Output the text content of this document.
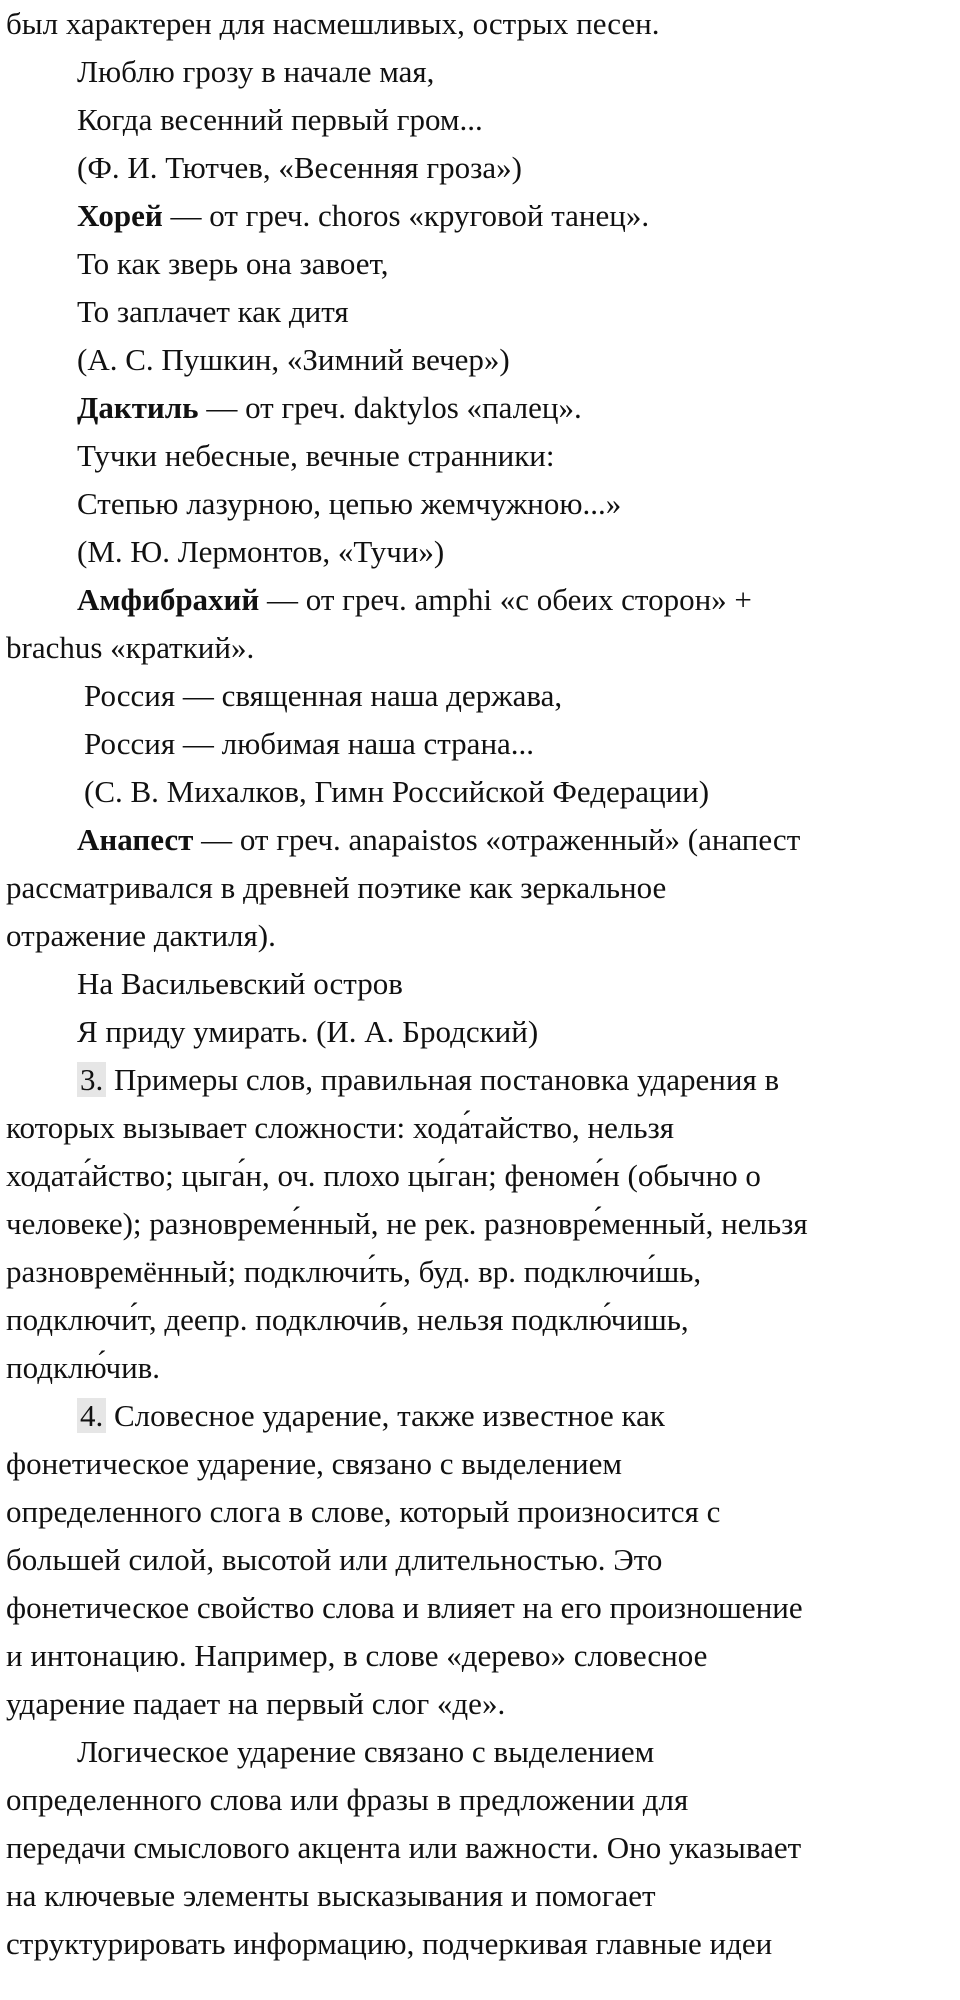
был характерен для насмешливых, острых песен.
Люблю грозу в начале мая,
Когда весенний первый гром...
(Ф. И. Тютчев, «Весенняя гроза»)
Хорей — от греч. choros «круговой танец».
То как зверь она завоет,
То заплачет как дитя
(А. С. Пушкин, «Зимний вечер»)
Дактиль — от греч. daktylos «палец».
Тучки небесные, вечные странники:
Степью лазурною, цепью жемчужною...»
(М. Ю. Лермонтов, «Тучи»)
Амфибрахий — от греч. amphi «с обеих сторон» +
brachus «краткий».
Россия — священная наша держава,
Россия — любимая наша страна...
(С. В. Михалков, Гимн Российской Федерации)
Анапест — от греч. anapaistos «отраженный» (анапест
рассматривался в древней поэтике как зеркальное
отражение дактиля).
На Васильевский остров
Я приду умирать. (И. А. Бродский)
3. Примеры слов, правильная постановка ударения в
которых вызывает сложности: хода́тайство, нельзя
ходата́йство; цыга́н, оч. плохо цы́ган; феноме́н (обычно о
человеке); разновреме́нный, не рек. разновре́менный, нельзя
разновремённый; подключи́ть, буд. вр. подключи́шь,
подключи́т, деепр. подключи́в, нельзя подклю́чишь,
подклю́чив.
4. Словесное ударение, также известное как
фонетическое ударение, связано с выделением
определенного слога в слове, который произносится с
большей силой, высотой или длительностью. Это
фонетическое свойство слова и влияет на его произношение
и интонацию. Например, в слове «дерево» словесное
ударение падает на первый слог «де».
Логическое ударение связано с выделением
определенного слова или фразы в предложении для
передачи смыслового акцента или важности. Оно указывает
на ключевые элементы высказывания и помогает
структурировать информацию, подчеркивая главные идеи
